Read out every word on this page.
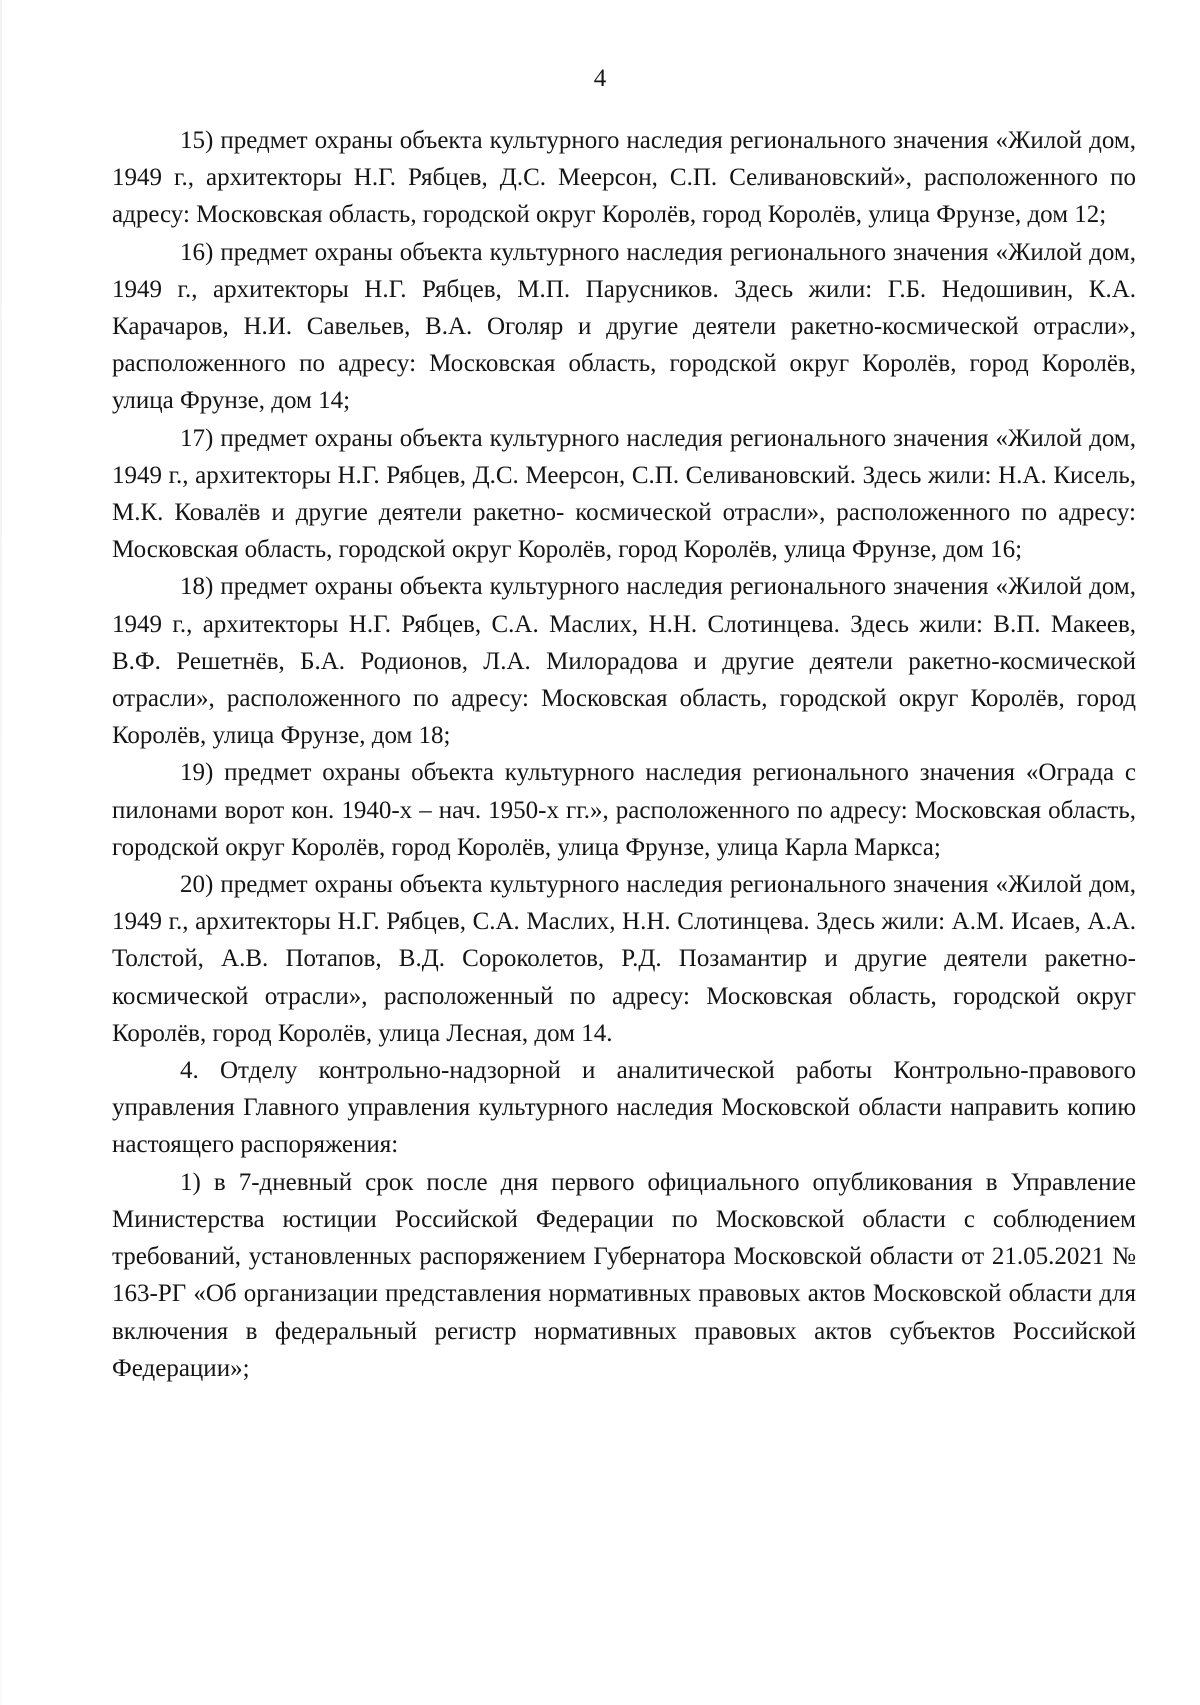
4

15) предмет охраны объекта культурного наследия регионального значения «Жилой дом, 1949 г., архитекторы Н.Г. Рябцев, Д.С. Меерсон, С.П. Селивановский», расположенного по адресу: Московская область, городской округ Королёв, город Королёв, улица Фрунзе, дом 12;

16) предмет охраны объекта культурного наследия регионального значения «Жилой дом, 1949 г., архитекторы Н.Г. Рябцев, М.П. Парусников. Здесь жили: Г.Б. Недошивин, К.А. Карачаров, Н.И. Савельев, В.А. Оголяр и другие деятели ракетно-космической отрасли», расположенного по адресу: Московская область, городской округ Королёв, город Королёв, улица Фрунзе, дом 14;

17) предмет охраны объекта культурного наследия регионального значения «Жилой дом, 1949 г., архитекторы Н.Г. Рябцев, Д.С. Меерсон, С.П. Селивановский. Здесь жили: Н.А. Кисель, М.К. Ковалёв и другие деятели ракетно- космической отрасли», расположенного по адресу: Московская область, городской округ Королёв, город Королёв, улица Фрунзе, дом 16;

18) предмет охраны объекта культурного наследия регионального значения «Жилой дом, 1949 г., архитекторы Н.Г. Рябцев, С.А. Маслих, Н.Н. Слотинцева. Здесь жили: В.П. Макеев, В.Ф. Решетнёв, Б.А. Родионов, Л.А. Милорадова и другие деятели ракетно-космической отрасли», расположенного по адресу: Московская область, городской округ Королёв, город Королёв, улица Фрунзе, дом 18;

19) предмет охраны объекта культурного наследия регионального значения «Ограда с пилонами ворот кон. 1940-х – нач. 1950-х гг.», расположенного по адресу: Московская область, городской округ Королёв, город Королёв, улица Фрунзе, улица Карла Маркса;

20) предмет охраны объекта культурного наследия регионального значения «Жилой дом, 1949 г., архитекторы Н.Г. Рябцев, С.А. Маслих, Н.Н. Слотинцева. Здесь жили: А.М. Исаев, А.А. Толстой, А.В. Потапов, В.Д. Сороколетов, Р.Д. Позамантир и другие деятели ракетно-космической отрасли», расположенный по адресу: Московская область, городской округ Королёв, город Королёв, улица Лесная, дом 14.

4. Отделу контрольно-надзорной и аналитической работы Контрольно-правового управления Главного управления культурного наследия Московской области направить копию настоящего распоряжения:

1) в 7-дневный срок после дня первого официального опубликования в Управление Министерства юстиции Российской Федерации по Московской области с соблюдением требований, установленных распоряжением Губернатора Московской области от 21.05.2021 № 163-РГ «Об организации представления нормативных правовых актов Московской области для включения в федеральный регистр нормативных правовых актов субъектов Российской Федерации»;
